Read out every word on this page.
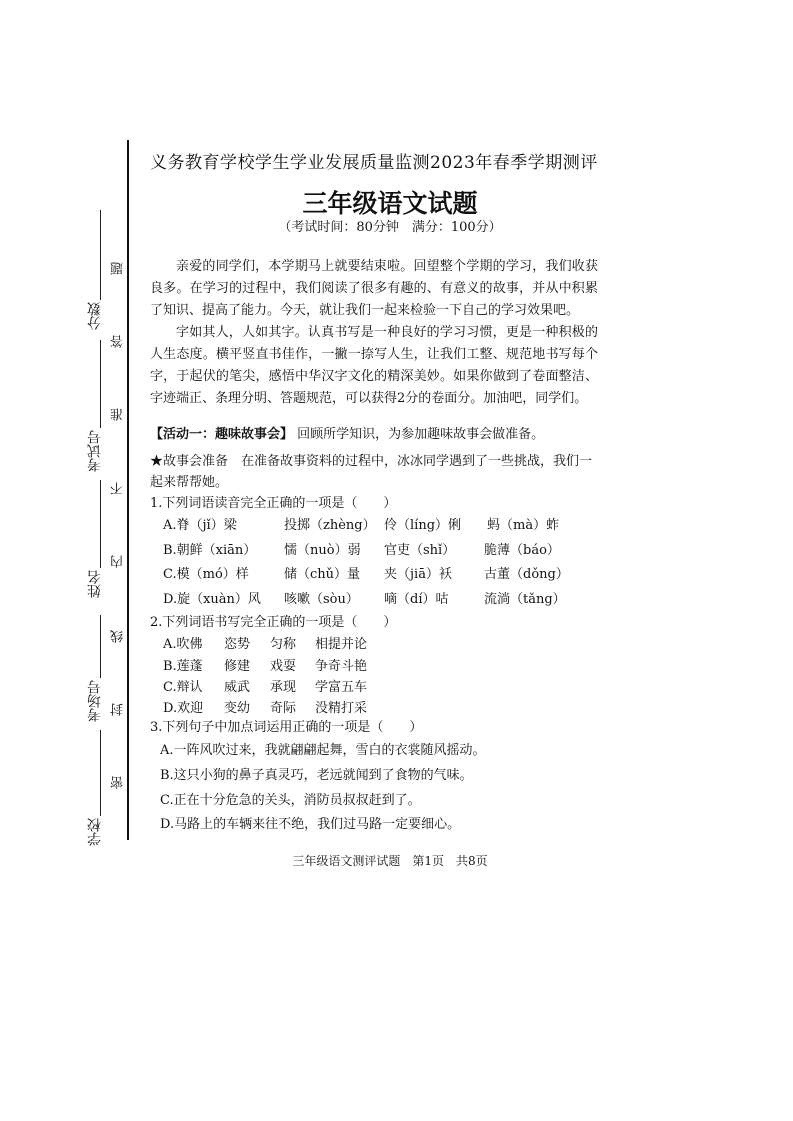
分数
考试号
姓名
考场号
学校
题
答
准
不
内
线
封
密
义务教育学校学生学业发展质量监测2023年春季学期测评
三年级语文试题
（考试时间：80分钟　满分：100分）
亲爱的同学们，本学期马上就要结束啦。回望整个学期的学习，我们收获良多。在学习的过程中，我们阅读了很多有趣的、有意义的故事，并从中积累了知识、提高了能力。今天，就让我们一起来检验一下自己的学习效果吧。
字如其人，人如其字。认真书写是一种良好的学习习惯，更是一种积极的人生态度。横平竖直书佳作，一撇一捺写人生，让我们工整、规范地书写每个字，于起伏的笔尖，感悟中华汉字文化的精深美妙。如果你做到了卷面整洁、字迹端正、条理分明、答题规范，可以获得2分的卷面分。加油吧，同学们。
【活动一：趣味故事会】 回顾所学知识，为参加趣味故事会做准备。
★故事会准备　在准备故事资料的过程中，冰冰同学遇到了一些挑战，我们一
起来帮帮她。
1.下列词语读音完全正确的一项是（　　）
A.脊（jǐ）梁	投掷（zhèng） 伶（líng）俐 蚂（mà）蚱
B.朝鲜（xiān） 懦（nuò）弱 官吏（shǐ） 脆薄（báo）
C.模（mó）样	储（chǔ）量 夹（jiā）袄 古董（dǒng）
D.旋（xuàn）风 咳嗽（sòu） 嘀（dí）咕	流淌（tǎng）
2.下列词语书写完全正确的一项是（　　）
A.吹佛 恣势 匀称 相提并论
B.莲蓬 修建 戏耍 争奇斗艳
C.辩认 威武 承现 学富五车
D.欢迎 变幼 奇际 没精打采
3.下列句子中加点词运用正确的一项是（　　）
A.一阵风吹过来，我就翩翩起舞，雪白的衣裳随风摇动。
B.这只小狗的鼻子真灵巧，老远就闻到了食物的气味。
C.正在十分危急的关头，消防员叔叔赶到了。
D.马路上的车辆来往不绝，我们过马路一定要细心。
三年级语文测评试题　第1页　共8页
